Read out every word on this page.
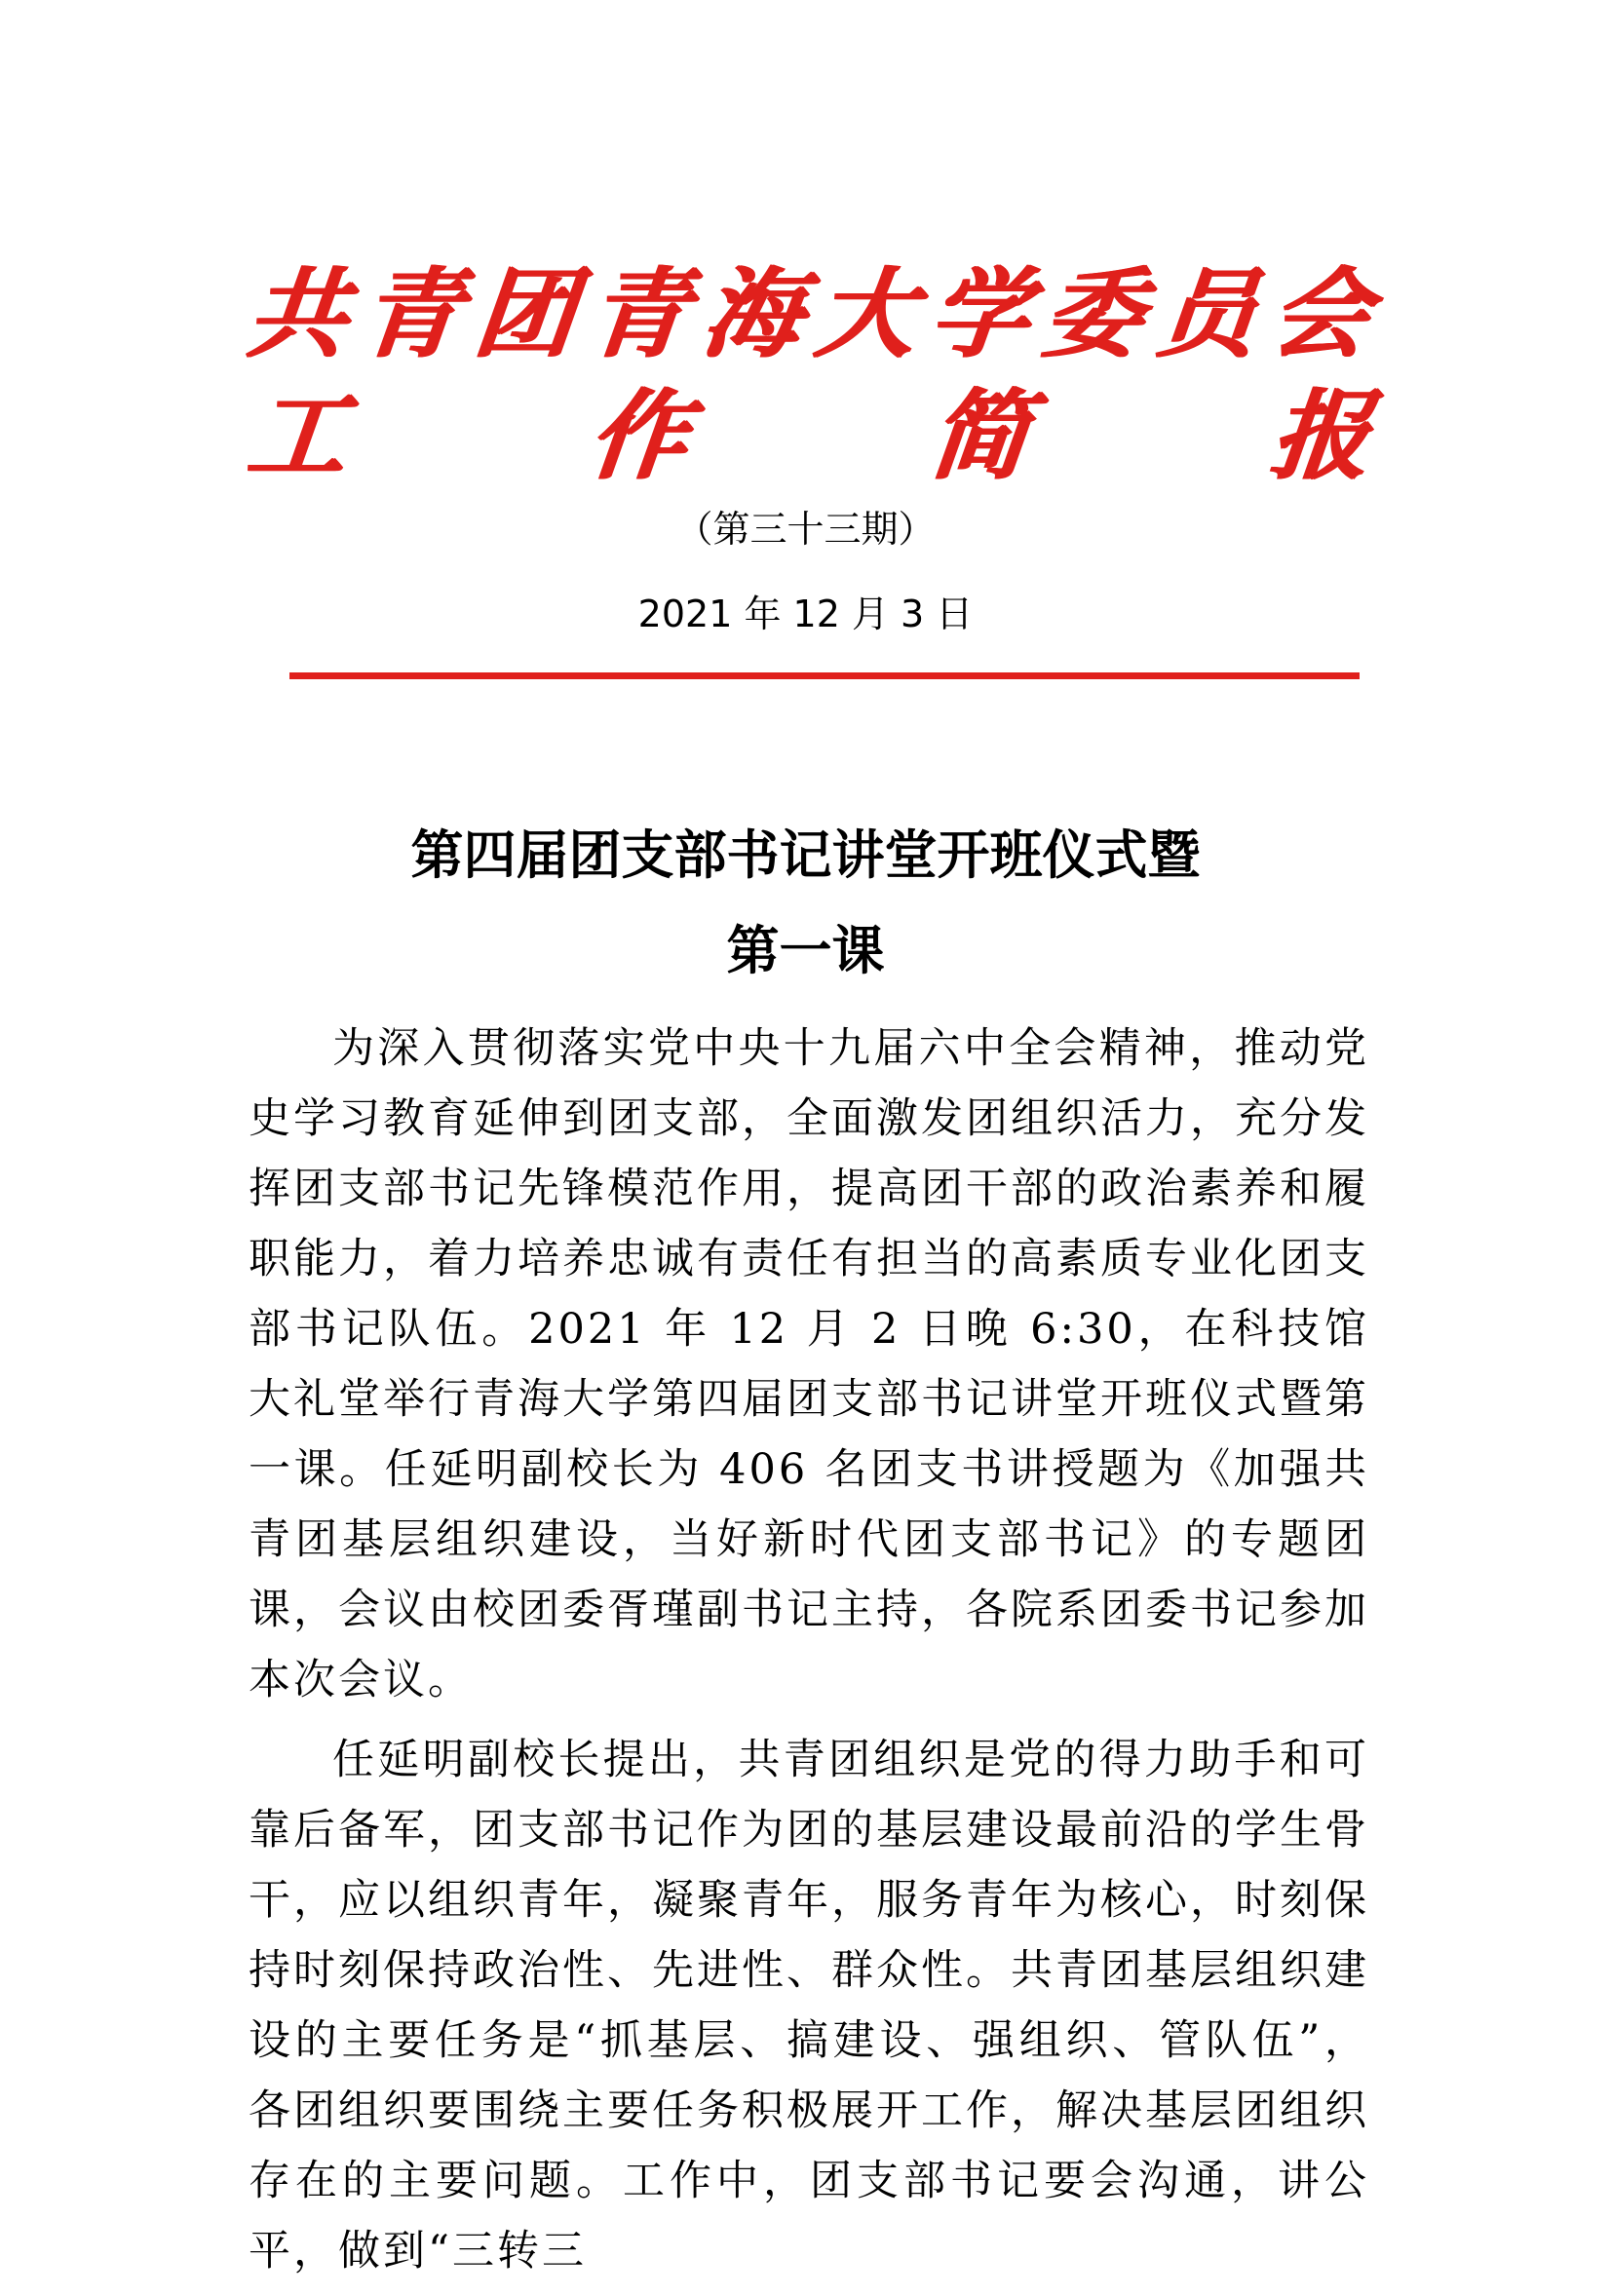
共 青 团 青 海 大 学 委 员 会
工 作 简 报
（第三十三期）
2021 年 12 月 3 日
第四届团支部书记讲堂开班仪式暨
第一课

为深入贯彻落实党中央十九届六中全会精神，推动党史学习教育延伸到团支部，全面激发团组织活力，充分发挥团支部书记先锋模范作用，提高团干部的政治素养和履职能力，着力培养忠诚有责任有担当的高素质专业化团支部书记队伍。2021 年 12 月 2 日晚 6:30，在科技馆大礼堂举行青海大学第四届团支部书记讲堂开班仪式暨第一课。任延明副校长为 406 名团支书讲授题为《加强共青团基层组织建设，当好新时代团支部书记》的专题团课，会议由校团委胥瑾副书记主持，各院系团委书记参加本次会议。

任延明副校长提出，共青团组织是党的得力助手和可靠后备军，团支部书记作为团的基层建设最前沿的学生骨干，应以组织青年，凝聚青年，服务青年为核心，时刻保持时刻保持政治性、先进性、群众性。共青团基层组织建设的主要任务是“抓基层、搞建设、强组织、管队伍”，各团组织要围绕主要任务积极展开工作，解决基层团组织存在的主要问题。工作中，团支部书记要会沟通，讲公平，做到“三转三
